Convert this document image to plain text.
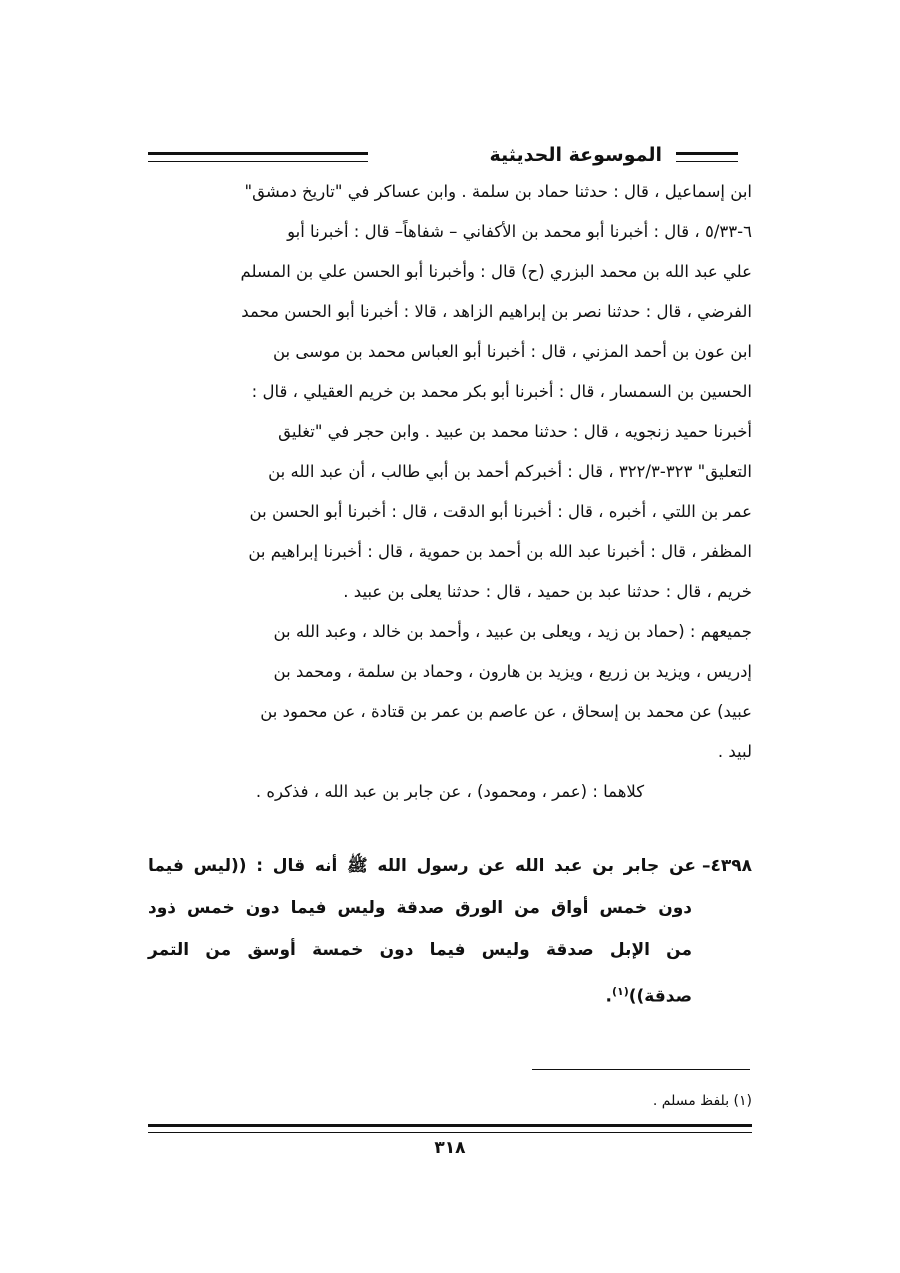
الموسوعة الحديثية

ابن إسماعيل ، قال : حدثنا حماد بن سلمة . وابن عساكر في "تاريخ دمشق"

٦-٥/٣٣ ، قال : أخبرنا أبو محمد بن الأكفاني – شفاهاً– قال : أخبرنا أبو

علي عبد الله بن محمد البزري (ح) قال : وأخبرنا أبو الحسن علي بن المسلم

الفرضي ، قال : حدثنا نصر بن إبراهيم الزاهد ، قالا : أخبرنا أبو الحسن محمد

ابن عون بن أحمد المزني ، قال : أخبرنا أبو العباس محمد بن موسى بن

الحسين بن السمسار ، قال : أخبرنا أبو بكر محمد بن خريم العقيلي ، قال :

أخبرنا حميد زنجويه ، قال : حدثنا محمد بن عبيد . وابن حجر في "تغليق

التعليق" ٣٢٣-٣٢٢/٣ ، قال : أخبركم أحمد بن أبي طالب ، أن عبد الله بن

عمر بن اللتي ، أخبره ، قال : أخبرنا أبو الدقت ، قال : أخبرنا أبو الحسن بن

المظفر ، قال : أخبرنا عبد الله بن أحمد بن حموية ، قال : أخبرنا إبراهيم بن

خريم ، قال : حدثنا عبد بن حميد ، قال : حدثنا يعلى بن عبيد .

جميعهم : (حماد بن زيد ، ويعلى بن عبيد ، وأحمد بن خالد ، وعبد الله بن

إدريس ، ويزيد بن زريع ، ويزيد بن هارون ، وحماد بن سلمة ، ومحمد بن

عبيد) عن محمد بن إسحاق ، عن عاصم بن عمر بن قتادة ، عن محمود بن

لبيد .

كلاهما : (عمر ، ومحمود) ، عن جابر بن عبد الله ، فذكره .

٤٣٩٨–
عن جابر بن عبد الله عن رسول الله ﷺ أنه قال : ((ليس فيما
دون خمس أواق من الورق صدقة وليس فيما دون خمس ذود
من الإبل صدقة وليس فيما دون خمسة أوسق من التمر
صدقة))$^{(١)}$.
(١) بلفظ مسلم .
٣١٨
